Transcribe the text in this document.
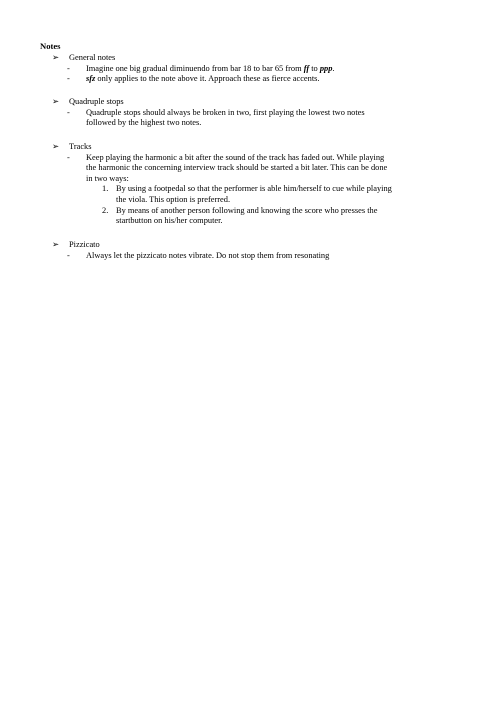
Notes
➢ General notes
- Imagine one big gradual diminuendo from bar 18 to bar 65 from ff to ppp.
- sfz only applies to the note above it. Approach these as fierce accents.
➢ Quadruple stops
- Quadruple stops should always be broken in two, first playing the lowest two notes
followed by the highest two notes.
➢ Tracks
- Keep playing the harmonic a bit after the sound of the track has faded out. While playing
the harmonic the concerning interview track should be started a bit later. This can be done
in two ways:
1. By using a footpedal so that the performer is able him/herself to cue while playing
the viola. This option is preferred.
2. By means of another person following and knowing the score who presses the
startbutton on his/her computer.
➢ Pizzicato
- Always let the pizzicato notes vibrate. Do not stop them from resonating
